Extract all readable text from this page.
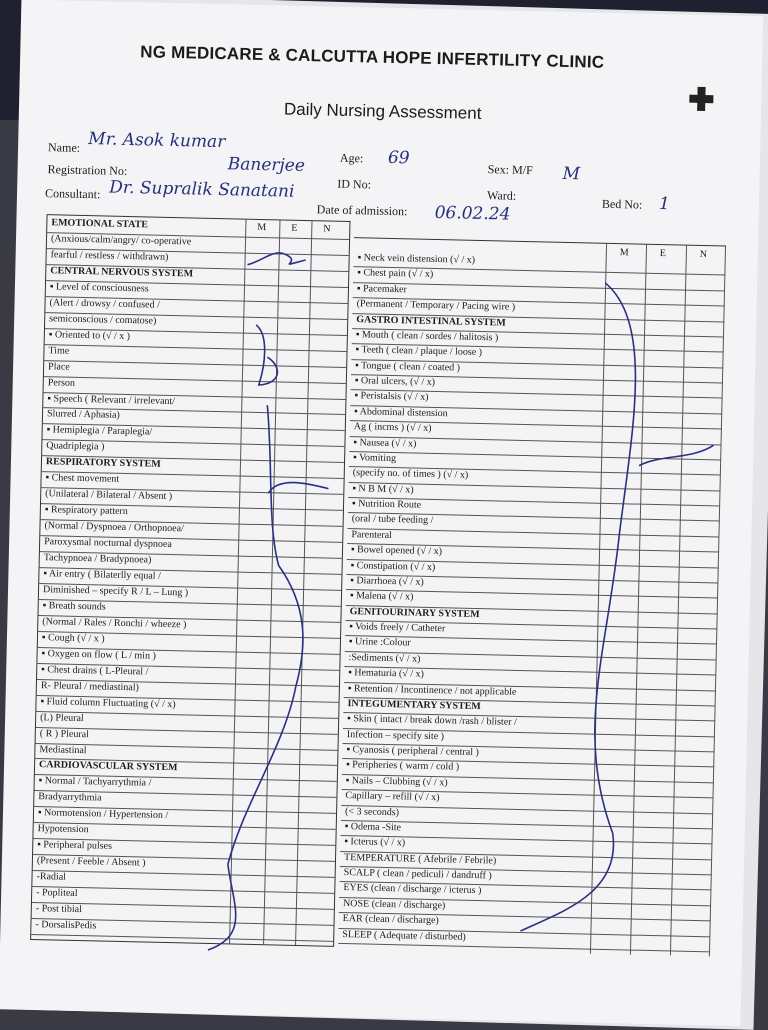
NG MEDICARE & CALCUTTA HOPE INFERTILITY CLINIC
Daily Nursing Assessment
Name: Mr. Asok kumar
Banerjee	Age: 69
Sex: M/F M
Registration No:
ID No:
Ward:
Bed No: 1
Consultant: Dr. Supralik Sanatani
Date of admission: 06.02.24
M E	N
EMOTIONAL STATE
(Anxious/calm/angry/ co-operative
fearful / restless / withdrawn)
CENTRAL NERVOUS SYSTEM
▪ Level of consciousness
(Alert / drowsy / confused /
semiconscious / comatose)
▪ Oriented to (√ / x )
Time
Place
Person
▪ Speech ( Relevant / irrelevant/
Slurred / Aphasia)
▪ Hemiplegia / Paraplegia/
Quadriplegia )
RESPIRATORY SYSTEM
▪ Chest movement
(Unilateral / Bilateral / Absent )
▪ Respiratory pattern
(Normal / Dyspnoea / Orthopnoea/
Paroxysmal nocturnal dyspnoea
Tachypnoea / Bradypnoea)
▪ Air entry ( Bilaterlly equal /
Diminished – specify R / L – Lung )
▪ Breath sounds
(Normal / Rales / Ronchi / wheeze )
▪ Cough (√ / x )
▪ Oxygen on flow ( L / min )
▪ Chest drains ( L-Pleural /
R- Pleural / mediastinal)
▪ Fluid column Fluctuating (√ / x)
(L) Pleural
( R ) Pleural
Mediastinal
CARDIOVASCULAR SYSTEM
▪ Normal / Tachyarrythmia /
Bradyarrythmia
▪ Normotension / Hypertension /
Hypotension
▪ Peripheral pulses
(Present / Feeble / Absent )
-Radial
- Popliteal
- Post tibial
- DorsalisPedis
M	E	N
▪ Neck vein distension (√ / x)
▪ Chest pain (√ / x)
▪ Pacemaker
(Permanent / Temporary / Pacing wire )
GASTRO INTESTINAL SYSTEM
▪ Mouth ( clean / sordes / halitosis )
▪ Teeth ( clean / plaque / loose )
▪ Tongue ( clean / coated )
▪ Oral ulcers, (√ / x)
▪ Peristalsis (√ / x)
▪ Abdominal distension
Ag ( incms ) (√ / x)
▪ Nausea (√ / x)
▪ Vomiting
(specify no. of times ) (√ / x)
▪ N B M (√ / x)
▪ Nutrition Route
(oral / tube feeding /
Parenteral
▪ Bowel opened (√ / x)
▪ Constipation (√ / x)
▪ Diarrhoea (√ / x)
▪ Malena (√ / x)
GENITOURINARY SYSTEM
▪ Voids freely / Catheter
▪ Urine :Colour
:Sediments (√ / x)
▪ Hematuria (√ / x)
▪ Retention / Incontinence / not applicable
INTEGUMENTARY SYSTEM
▪ Skin ( intact / break down /rash / blister /
Infection – specify site )
▪ Cyanosis ( peripheral / central )
▪ Peripheries ( warm / cold )
▪ Nails – Clubbing (√ / x)
Capillary – refill (√ / x)
(< 3 seconds)
▪ Odema -Site
▪ Icterus (√ / x)
TEMPERATURE ( Afebrile / Febrile)
SCALP ( clean / pediculi / dandruff )
EYES (clean / discharge / icterus )
NOSE (clean / discharge)
EAR (clean / discharge)
SLEEP ( Adequate / disturbed)
